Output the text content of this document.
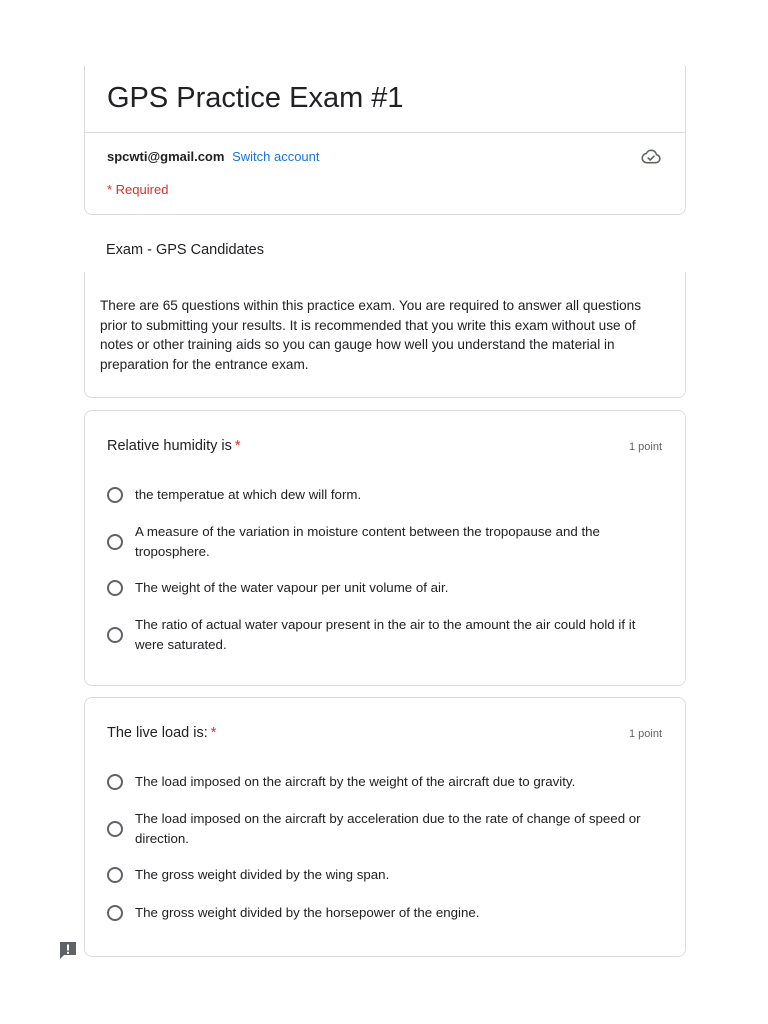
GPS Practice Exam #1
spcwti@gmail.com Switch account
* Required
Exam - GPS Candidates
There are 65 questions within this practice exam. You are required to answer all questions prior to submitting your results. It is recommended that you write this exam without use of notes or other training aids so you can gauge how well you understand the material in preparation for the entrance exam.
Relative humidity is *	1 point
the temperatue at which dew will form.
A measure of the variation in moisture content between the tropopause and the troposphere.
The weight of the water vapour per unit volume of air.
The ratio of actual water vapour present in the air to the amount the air could hold if it were saturated.
The live load is: *	1 point
The load imposed on the aircraft by the weight of the aircraft due to gravity.
The load imposed on the aircraft by acceleration due to the rate of change of speed or direction.
The gross weight divided by the wing span.
The gross weight divided by the horsepower of the engine.
